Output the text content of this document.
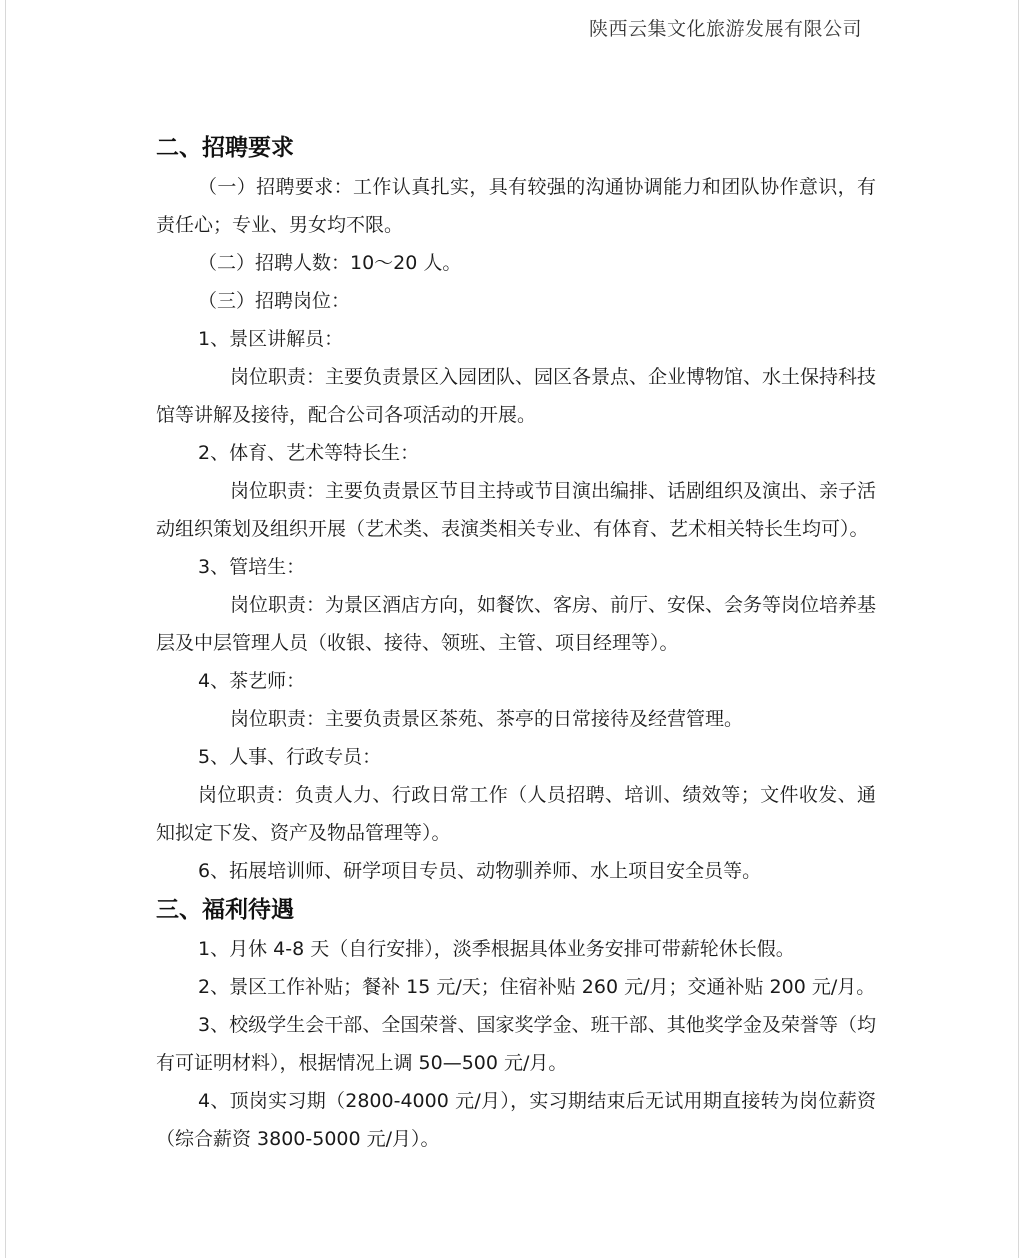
陕西云集文化旅游发展有限公司

二、招聘要求

（一）招聘要求：工作认真扎实，具有较强的沟通协调能力和团队协作意识，有责任心；专业、男女均不限。

（二）招聘人数：10～20 人。

（三）招聘岗位：

1、景区讲解员：

岗位职责：主要负责景区入园团队、园区各景点、企业博物馆、水土保持科技馆等讲解及接待，配合公司各项活动的开展。

2、体育、艺术等特长生：

岗位职责：主要负责景区节目主持或节目演出编排、话剧组织及演出、亲子活动组织策划及组织开展（艺术类、表演类相关专业、有体育、艺术相关特长生均可）。

3、管培生：

岗位职责：为景区酒店方向，如餐饮、客房、前厅、安保、会务等岗位培养基层及中层管理人员（收银、接待、领班、主管、项目经理等）。

4、茶艺师：

岗位职责：主要负责景区茶苑、茶亭的日常接待及经营管理。

5、人事、行政专员：

岗位职责：负责人力、行政日常工作（人员招聘、培训、绩效等；文件收发、通知拟定下发、资产及物品管理等）。

6、拓展培训师、研学项目专员、动物驯养师、水上项目安全员等。

三、福利待遇

1、月休 4-8 天（自行安排），淡季根据具体业务安排可带薪轮休长假。

2、景区工作补贴；餐补 15 元/天；住宿补贴 260 元/月；交通补贴 200 元/月。

3、校级学生会干部、全国荣誉、国家奖学金、班干部、其他奖学金及荣誉等（均有可证明材料），根据情况上调 50—500 元/月。

4、顶岗实习期（2800-4000 元/月），实习期结束后无试用期直接转为岗位薪资（综合薪资 3800-5000 元/月）。
